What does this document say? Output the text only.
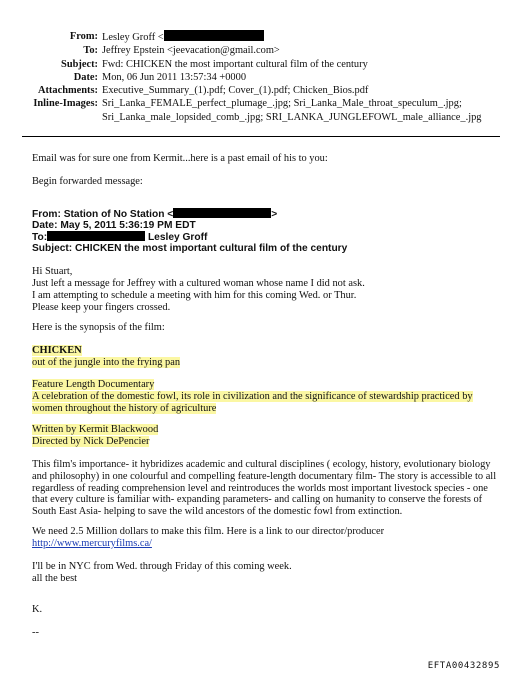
From: Lesley Groff <
To: Jeffrey Epstein <jeevacation@gmail.com>
Subject: Fwd: CHICKEN the most important cultural film of the century
Date: Mon, 06 Jun 2011 13:57:34 +0000
Attachments: Executive_Summary_(1).pdf; Cover_(1).pdf; Chicken_Bios.pdf
Inline-Images: Sri_Lanka_FEMALE_perfect_plumage_.jpg; Sri_Lanka_Male_throat_speculum_.jpg;
Sri_Lanka_male_lopsided_comb_.jpg; SRI_LANKA_JUNGLEFOWL_male_alliance_.jpg
Email was for sure one from Kermit...here is a past email of his to you:
Begin forwarded message:
From: Station of No Station <	>
Date: May 5, 2011 5:36:19 PM EDT
To:	Lesley Groff
Subject: CHICKEN the most important cultural film of the century
Hi Stuart,
Just left a message for Jeffrey with a cultured woman whose name I did not ask.
I am attempting to schedule a meeting with him for this coming Wed. or Thur.
Please keep your fingers crossed.
Here is the synopsis of the film:
CHICKEN
out of the jungle into the frying pan
Feature Length Documentary
A celebration of the domestic fowl, its role in civilization and the significance of stewardship practiced by
women throughout the history of agriculture
Written by Kermit Blackwood
Directed by Nick DePencier
This film's importance- it hybridizes academic and cultural disciplines ( ecology, history, evolutionary biology
and philosophy) in one colourful and compelling feature-length documentary film- The story is accessible to all
regardless of reading comprehension level and reintroduces the worlds most important livestock species - one
that every culture is familiar with- expanding parameters- and calling on humanity to conserve the forests of
South East Asia- helping to save the wild ancestors of the domestic fowl from extinction.
We need 2.5 Million dollars to make this film. Here is a link to our director/producer
http://www.mercuryfilms.ca/
I'll be in NYC from Wed. through Friday of this coming week.
all the best
K.
--
EFTA00432895
